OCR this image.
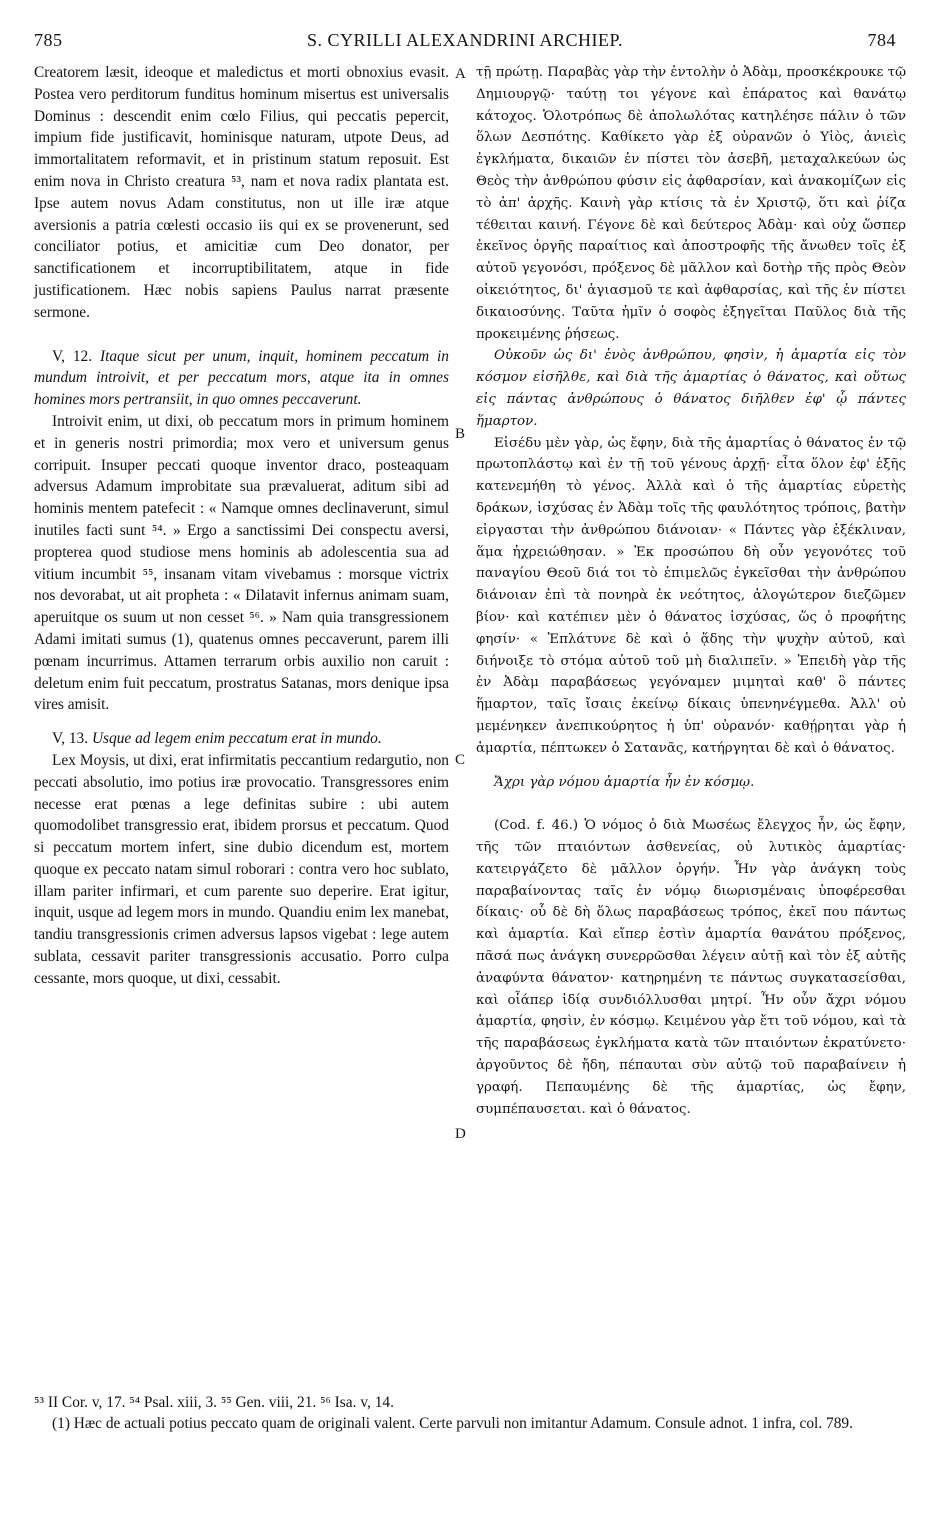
785	S. CYRILLI ALEXANDRINI ARCHIEP.	784
A
B
C
D

Creatorem læsit, ideoque et maledictus et morti obnoxius evasit. Postea vero perditorum funditus hominum misertus est universalis Dominus : descendit enim cœlo Filius, qui peccatis pepercit, impium fide justificavit, hominisque naturam, utpote Deus, ad immortalitatem reformavit, et in pristinum statum reposuit. Est enim nova in Christo creatura ⁵³, nam et nova radix plantata est. Ipse autem novus Adam constitutus, non ut ille iræ atque aversionis a patria cœlesti occasio iis qui ex se provenerunt, sed conciliator potius, et amicitiæ cum Deo donator, per sanctificationem et incorruptibilitatem, atque in fide justificationem. Hæc nobis sapiens Paulus narrat præsente sermone.

V, 12. Itaque sicut per unum, inquit, hominem peccatum in mundum introivit, et per peccatum mors, atque ita in omnes homines mors pertransiit, in quo omnes peccaverunt.

Introivit enim, ut dixi, ob peccatum mors in primum hominem et in generis nostri primordia; mox vero et universum genus corripuit. Insuper peccati quoque inventor draco, posteaquam adversus Adamum improbitate sua prævaluerat, aditum sibi ad hominis mentem patefecit : « Namque omnes declinaverunt, simul inutiles facti sunt ⁵⁴. » Ergo a sanctissimi Dei conspectu aversi, propterea quod studiose mens hominis ab adolescentia sua ad vitium incumbit ⁵⁵, insanam vitam vivebamus : morsque victrix nos devorabat, ut ait propheta : « Dilatavit infernus animam suam, aperuitque os suum ut non cesset ⁵⁶. » Nam quia transgressionem Adami imitati sumus (1), quatenus omnes peccaverunt, parem illi pœnam incurrimus. Attamen terrarum orbis auxilio non caruit : deletum enim fuit peccatum, prostratus Satanas, mors denique ipsa vires amisit.

V, 13. Usque ad legem enim peccatum erat in mundo.

Lex Moysis, ut dixi, erat infirmitatis peccantium redargutio, non peccati absolutio, imo potius iræ provocatio. Transgressores enim necesse erat pœnas a lege definitas subire : ubi autem quomodolibet transgressio erat, ibidem prorsus et peccatum. Quod si peccatum mortem infert, sine dubio dicendum est, mortem quoque ex peccato natam simul roborari : contra vero hoc sublato, illam pariter infirmari, et cum parente suo deperire. Erat igitur, inquit, usque ad legem mors in mundo. Quandiu enim lex manebat, tandiu transgressionis crimen adversus lapsos vigebat : lege autem sublata, cessavit pariter transgressionis accusatio. Porro culpa cessante, mors quoque, ut dixi, cessabit.

τῇ πρώτῃ. Παραβὰς γὰρ τὴν ἐντολὴν ὁ Ἀδὰμ, προσκέκρουκε τῷ Δημιουργῷ· ταύτῃ τοι γέγονε καὶ ἐπάρατος καὶ θανάτῳ κάτοχος. Ὁλοτρόπως δὲ ἀπολωλότας κατηλέησε πάλιν ὁ τῶν ὅλων Δεσπότης. Καθίκετο γὰρ ἐξ οὐρανῶν ὁ Υἱὸς, ἀνιεὶς ἐγκλήματα, δικαιῶν ἐν πίστει τὸν ἀσεβῆ, μεταχαλκεύων ὡς Θεὸς τὴν ἀνθρώπου φύσιν εἰς ἀφθαρσίαν, καὶ ἀνακομίζων εἰς τὸ ἀπ' ἀρχῆς. Καινὴ γὰρ κτίσις τὰ ἐν Χριστῷ, ὅτι καὶ ῥίζα τέθειται καινή. Γέγονε δὲ καὶ δεύτερος Ἀδὰμ· καὶ οὐχ ὥσπερ ἐκεῖνος ὀργῆς παραίτιος καὶ ἀποστροφῆς τῆς ἄνωθεν τοῖς ἐξ αὐτοῦ γεγονόσι, πρόξενος δὲ μᾶλλον καὶ δοτὴρ τῆς πρὸς Θεὸν οἰκειότητος, δι' ἁγιασμοῦ τε καὶ ἀφθαρσίας, καὶ τῆς ἐν πίστει δικαιοσύνης. Ταῦτα ἡμῖν ὁ σοφὸς ἐξηγεῖται Παῦλος διὰ τῆς προκειμένης ῥήσεως.

Οὐκοῦν ὡς δι' ἑνὸς ἀνθρώπου, φησὶν, ἡ ἁμαρτία εἰς τὸν κόσμον εἰσῆλθε, καὶ διὰ τῆς ἁμαρτίας ὁ θάνατος, καὶ οὕτως εἰς πάντας ἀνθρώπους ὁ θάνατος διῆλθεν ἐφ' ᾧ πάντες ἥμαρτον.

Εἰσέδυ μὲν γὰρ, ὡς ἔφην, διὰ τῆς ἁμαρτίας ὁ θάνατος ἐν τῷ πρωτοπλάστῳ καὶ ἐν τῇ τοῦ γένους ἀρχῇ· εἶτα ὅλον ἐφ' ἑξῆς κατενεμήθη τὸ γένος. Ἀλλὰ καὶ ὁ τῆς ἁμαρτίας εὑρετὴς δράκων, ἰσχύσας ἐν Ἀδὰμ τοῖς τῆς φαυλότητος τρόποις, βατὴν εἰργασται τὴν ἀνθρώπου διάνοιαν· « Πάντες γὰρ ἐξέκλιναν, ἅμα ἠχρειώθησαν. » Ἐκ προσώπου δὴ οὖν γεγονότες τοῦ παναγίου Θεοῦ διά τοι τὸ ἐπιμελῶς ἐγκεῖσθαι τὴν ἀνθρώπου διάνοιαν ἐπὶ τὰ πονηρὰ ἐκ νεότητος, ἀλογώτερον διεζῶμεν βίον· καὶ κατέπιεν μὲν ὁ θάνατος ἰσχύσας, ὥς ὁ προφήτης φησίν· « Ἐπλάτυνε δὲ καὶ ὁ ᾅδης τὴν ψυχὴν αὐτοῦ, καὶ διήνοιξε τὸ στόμα αὐτοῦ τοῦ μὴ διαλιπεῖν. » Ἐπειδὴ γὰρ τῆς ἐν Ἀδὰμ παραβάσεως γεγόναμεν μιμηταὶ καθ' ὃ πάντες ἥμαρτον, ταῖς ἴσαις ἐκείνῳ δίκαις ὑπενηνέγμεθα. Ἀλλ' οὐ μεμένηκεν ἀνεπικούρητος ἡ ὑπ' οὐρανόν· καθῄρηται γὰρ ἡ ἁμαρτία, πέπτωκεν ὁ Σατανᾶς, κατήργηται δὲ καὶ ὁ θάνατος.

Ἄχρι γὰρ νόμου ἁμαρτία ἦν ἐν κόσμῳ.

(Cod. f. 46.) Ὁ νόμος ὁ διὰ Μωσέως ἔλεγχος ἦν, ὡς ἔφην, τῆς τῶν πταιόντων ἀσθενείας, οὐ λυτικὸς ἁμαρτίας· κατειργάζετο δὲ μᾶλλον ὀργήν. Ἦν γὰρ ἀνάγκη τοὺς παραβαίνοντας ταῖς ἐν νόμῳ διωρισμέναις ὑποφέρεσθαι δίκαις· οὗ δὲ δὴ ὅλως παραβάσεως τρόπος, ἐκεῖ που πάντως καὶ ἁμαρτία. Καὶ εἴπερ ἐστὶν ἁμαρτία θανάτου πρόξενος, πᾶσά πως ἀνάγκη συνερρῶσθαι λέγειν αὐτῇ καὶ τὸν ἐξ αὐτῆς ἀναφύντα θάνατον· κατηρημένη τε πάντως συγκατασείσθαι, καὶ οἷάπερ ἰδίᾳ συνδιόλλυσθαι μητρί. Ἦν οὖν ἄχρι νόμου ἁμαρτία, φησὶν, ἐν κόσμῳ. Κειμένου γὰρ ἔτι τοῦ νόμου, καὶ τὰ τῆς παραβάσεως ἐγκλήματα κατὰ τῶν πταιόντων ἐκρατύνετο· ἀργοῦντος δὲ ἤδη, πέπαυται σὺν αὐτῷ τοῦ παραβαίνειν ἡ γραφή. Πεπαυμένης δὲ τῆς ἁμαρτίας, ὡς ἔφην, συμπέπαυσεται. καὶ ὁ θάνατος.

⁵³ II Cor. v, 17. ⁵⁴ Psal. xiii, 3. ⁵⁵ Gen. viii, 21. ⁵⁶ Isa. v, 14.

(1) Hæc de actuali potius peccato quam de originali valent. Certe parvuli non imitantur Adamum. Consule adnot. 1 infra, col. 789.
